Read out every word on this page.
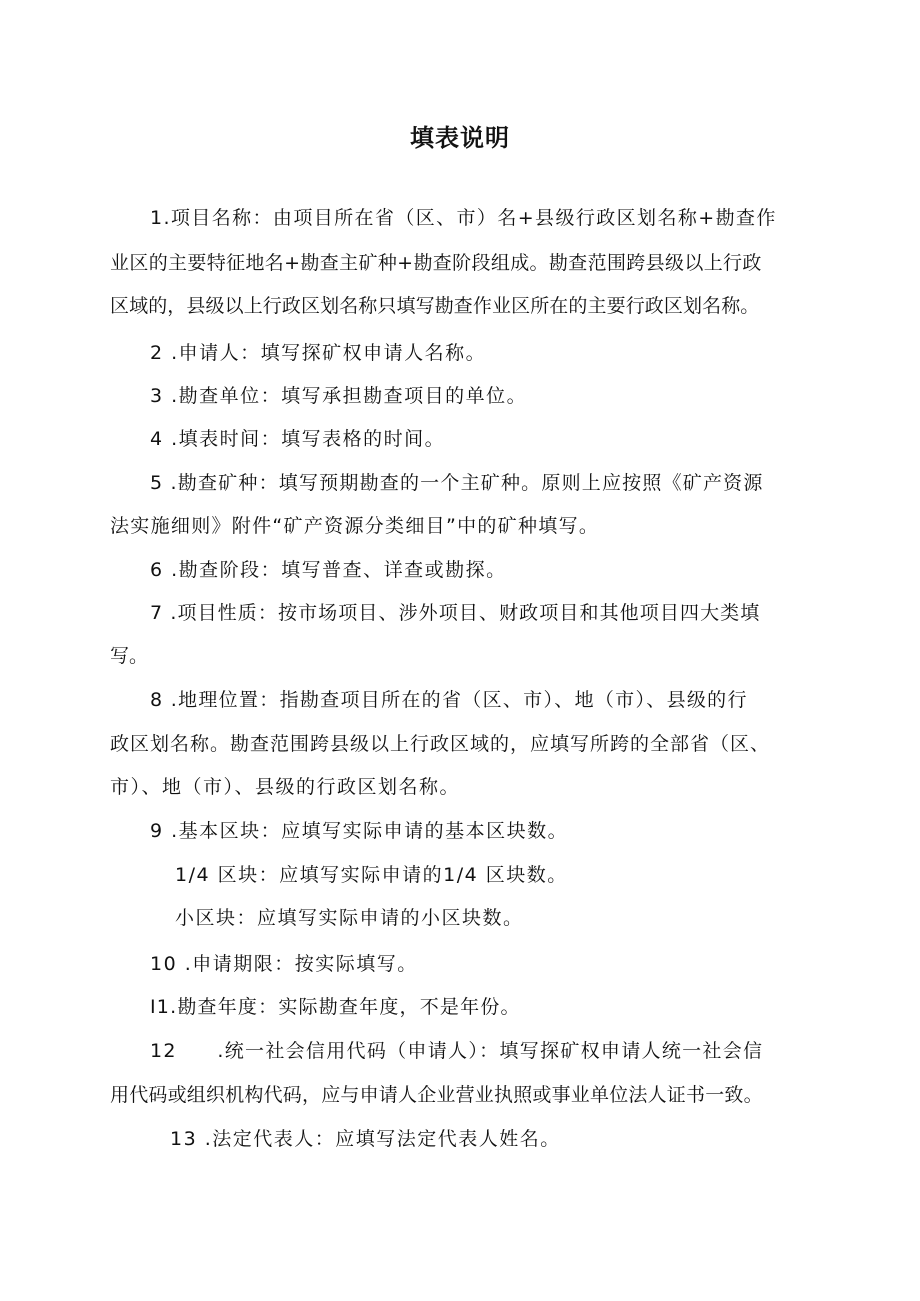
填表说明
1.项目名称：由项目所在省（区、市）名+县级行政区划名称+勘查作
业区的主要特征地名+勘查主矿种+勘查阶段组成。勘查范围跨县级以上行政
区域的，县级以上行政区划名称只填写勘查作业区所在的主要行政区划名称。
2 .申请人：填写探矿权申请人名称。
3 .勘查单位：填写承担勘查项目的单位。
4 .填表时间：填写表格的时间。
5 .勘查矿种：填写预期勘查的一个主矿种。原则上应按照《矿产资源
法实施细则》附件“矿产资源分类细目”中的矿种填写。
6 .勘查阶段：填写普查、详查或勘探。
7 .项目性质：按市场项目、涉外项目、财政项目和其他项目四大类填
写。
8 .地理位置：指勘查项目所在的省（区、市）、地（市）、县级的行
政区划名称。勘查范围跨县级以上行政区域的，应填写所跨的全部省（区、
市）、地（市）、县级的行政区划名称。
9 .基本区块：应填写实际申请的基本区块数。
1/4 区块：应填写实际申请的1/4 区块数。
小区块：应填写实际申请的小区块数。
10 .申请期限：按实际填写。
I1.勘查年度：实际勘查年度，不是年份。
12　　.统一社会信用代码（申请人）：填写探矿权申请人统一社会信
用代码或组织机构代码，应与申请人企业营业执照或事业单位法人证书一致。
13 .法定代表人：应填写法定代表人姓名。
